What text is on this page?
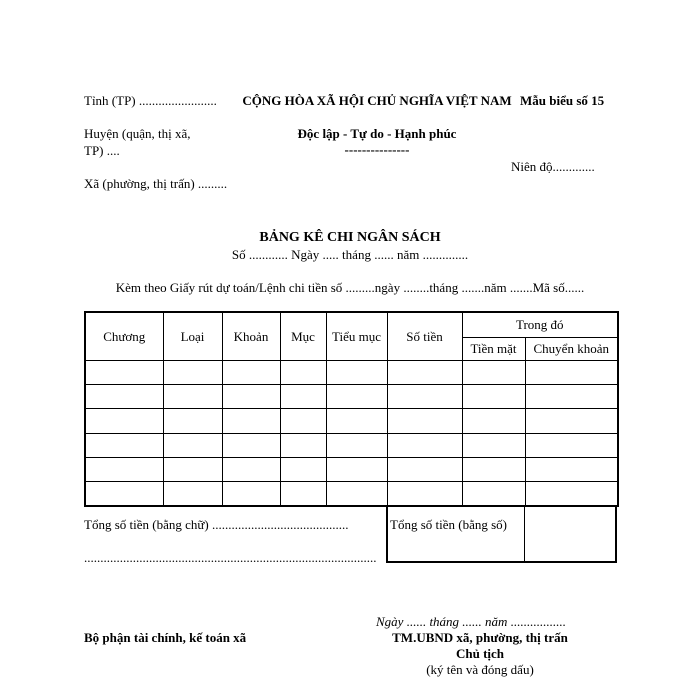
Tỉnh (TP) ........................
Huyện (quận, thị xã,
TP) ....
Xã (phường, thị trấn) .........
CỘNG HÒA XÃ HỘI CHỦ NGHĨA VIỆT NAM
Độc lập - Tự do - Hạnh phúc
---------------
Mẫu biểu số 15
Niên độ.............
BẢNG KÊ CHI NGÂN SÁCH
Số ............ Ngày ..... tháng ...... năm ..............
Kèm theo Giấy rút dự toán/Lệnh chi tiền số .........ngày ........tháng .......năm .......Mã số......
Chương	Loại	Khoản	Mục	Tiểu mục	Số tiền	Trong đó	
						Tiền mặt	Chuyển khoản

Tổng số tiền (bằng chữ) ..........................................
..........................................................................................
Tổng số tiền (bằng số)
Ngày ...... tháng ...... năm .................
Bộ phận tài chính, kế toán xã	TM.UBND xã, phường, thị trấn
Chủ tịch
(ký tên và đóng dấu)
